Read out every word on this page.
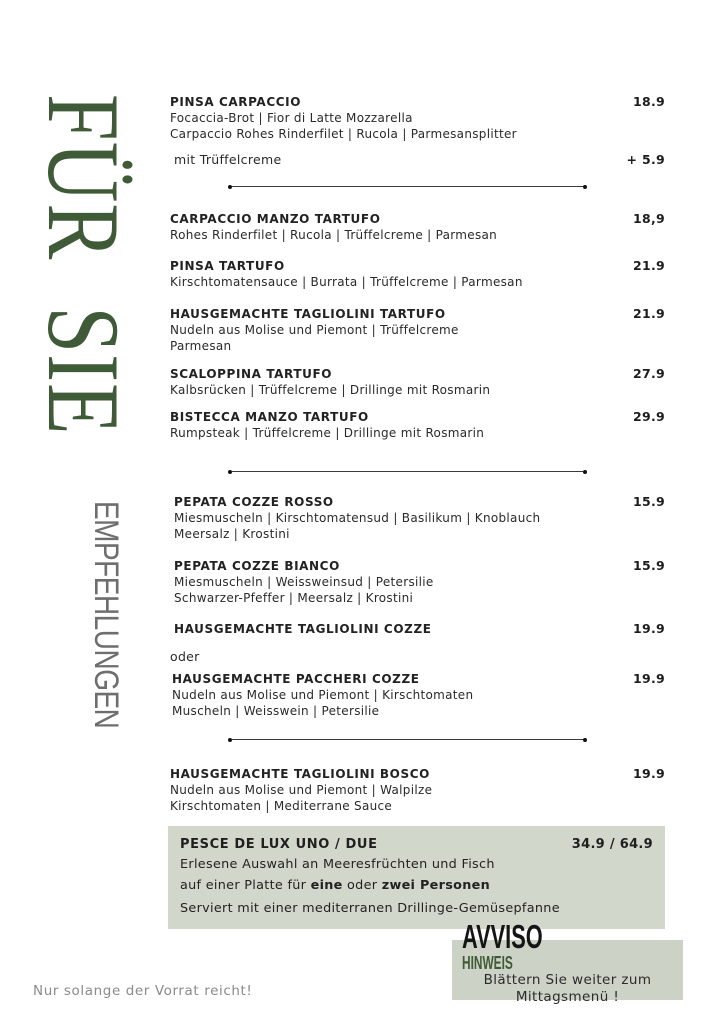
FÜR SIE
EMPFEHLUNGEN
PINSA CARPACCIO	18.9
Focaccia-Brot | Fior di Latte Mozzarella
Carpaccio Rohes Rinderfilet | Rucola | Parmesansplitter
mit Trüffelcreme	+ 5.9
CARPACCIO MANZO TARTUFO	18,9
Rohes Rinderfilet | Rucola | Trüffelcreme | Parmesan
PINSA TARTUFO	21.9
Kirschtomatensauce | Burrata | Trüffelcreme | Parmesan
HAUSGEMACHTE TAGLIOLINI TARTUFO	21.9
Nudeln aus Molise und Piemont | Trüffelcreme
Parmesan
SCALOPPINA TARTUFO	27.9
Kalbsrücken | Trüffelcreme | Drillinge mit Rosmarin
BISTECCA MANZO TARTUFO	29.9
Rumpsteak | Trüffelcreme | Drillinge mit Rosmarin
PEPATA COZZE ROSSO	15.9
Miesmuscheln | Kirschtomatensud | Basilikum | Knoblauch
Meersalz | Krostini
PEPATA COZZE BIANCO	15.9
Miesmuscheln | Weissweinsud | Petersilie
Schwarzer-Pfeffer | Meersalz | Krostini
HAUSGEMACHTE TAGLIOLINI COZZE	19.9
oder
HAUSGEMACHTE PACCHERI COZZE	19.9
Nudeln aus Molise und Piemont | Kirschtomaten
Muscheln | Weisswein | Petersilie
HAUSGEMACHTE TAGLIOLINI BOSCO	19.9
Nudeln aus Molise und Piemont | Walpilze
Kirschtomaten | Mediterrane Sauce
PESCE DE LUX UNO / DUE	34.9 / 64.9
Erlesene Auswahl an Meeresfrüchten und Fisch
auf einer Platte für eine oder zwei Personen
Serviert mit einer mediterranen Drillinge-Gemüsepfanne
AVVISO
HINWEIS
Blättern Sie weiter zum
Mittagsmenü !
Nur solange der Vorrat reicht!
